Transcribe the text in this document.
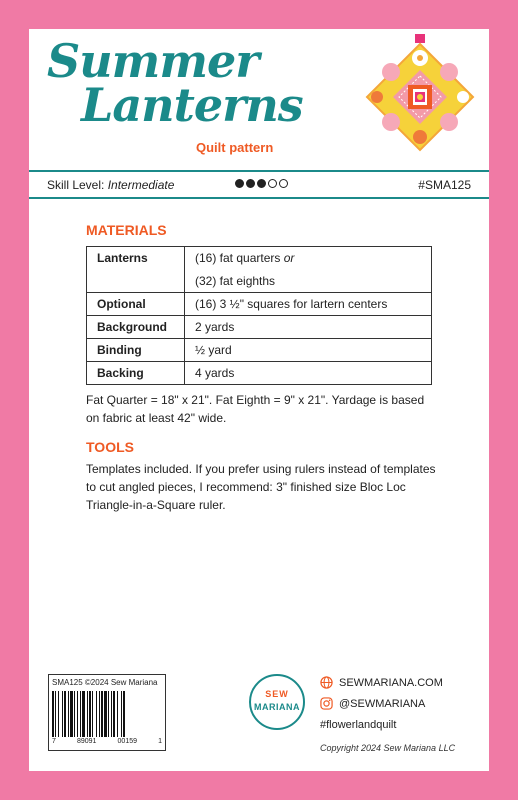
Summer
Lanterns
Quilt pattern
Skill Level: Intermediate	#SMA125
MATERIALS
Lanterns	(16) fat quarters or
(32) fat eighths

Optional	(16) 3 ½" squares for lartern centers

Background	2 yards

Binding	½ yard

Backing	4 yards
Fat Quarter = 18" x 21". Fat Eighth = 9" x 21". Yardage is based on fabric at least 42" wide.
TOOLS
Templates included. If you prefer using rulers instead of templates to cut angled pieces, I recommend: 3" finished size Bloc Loc Triangle-in-a-Square ruler.
SMA125 ©2024 Sew Mariana
7	89091	00159	1
SEW
MARIANA
SEWMARIANA.COM
@SEWMARIANA
#flowerlandquilt
Copyright 2024 Sew Mariana LLC
